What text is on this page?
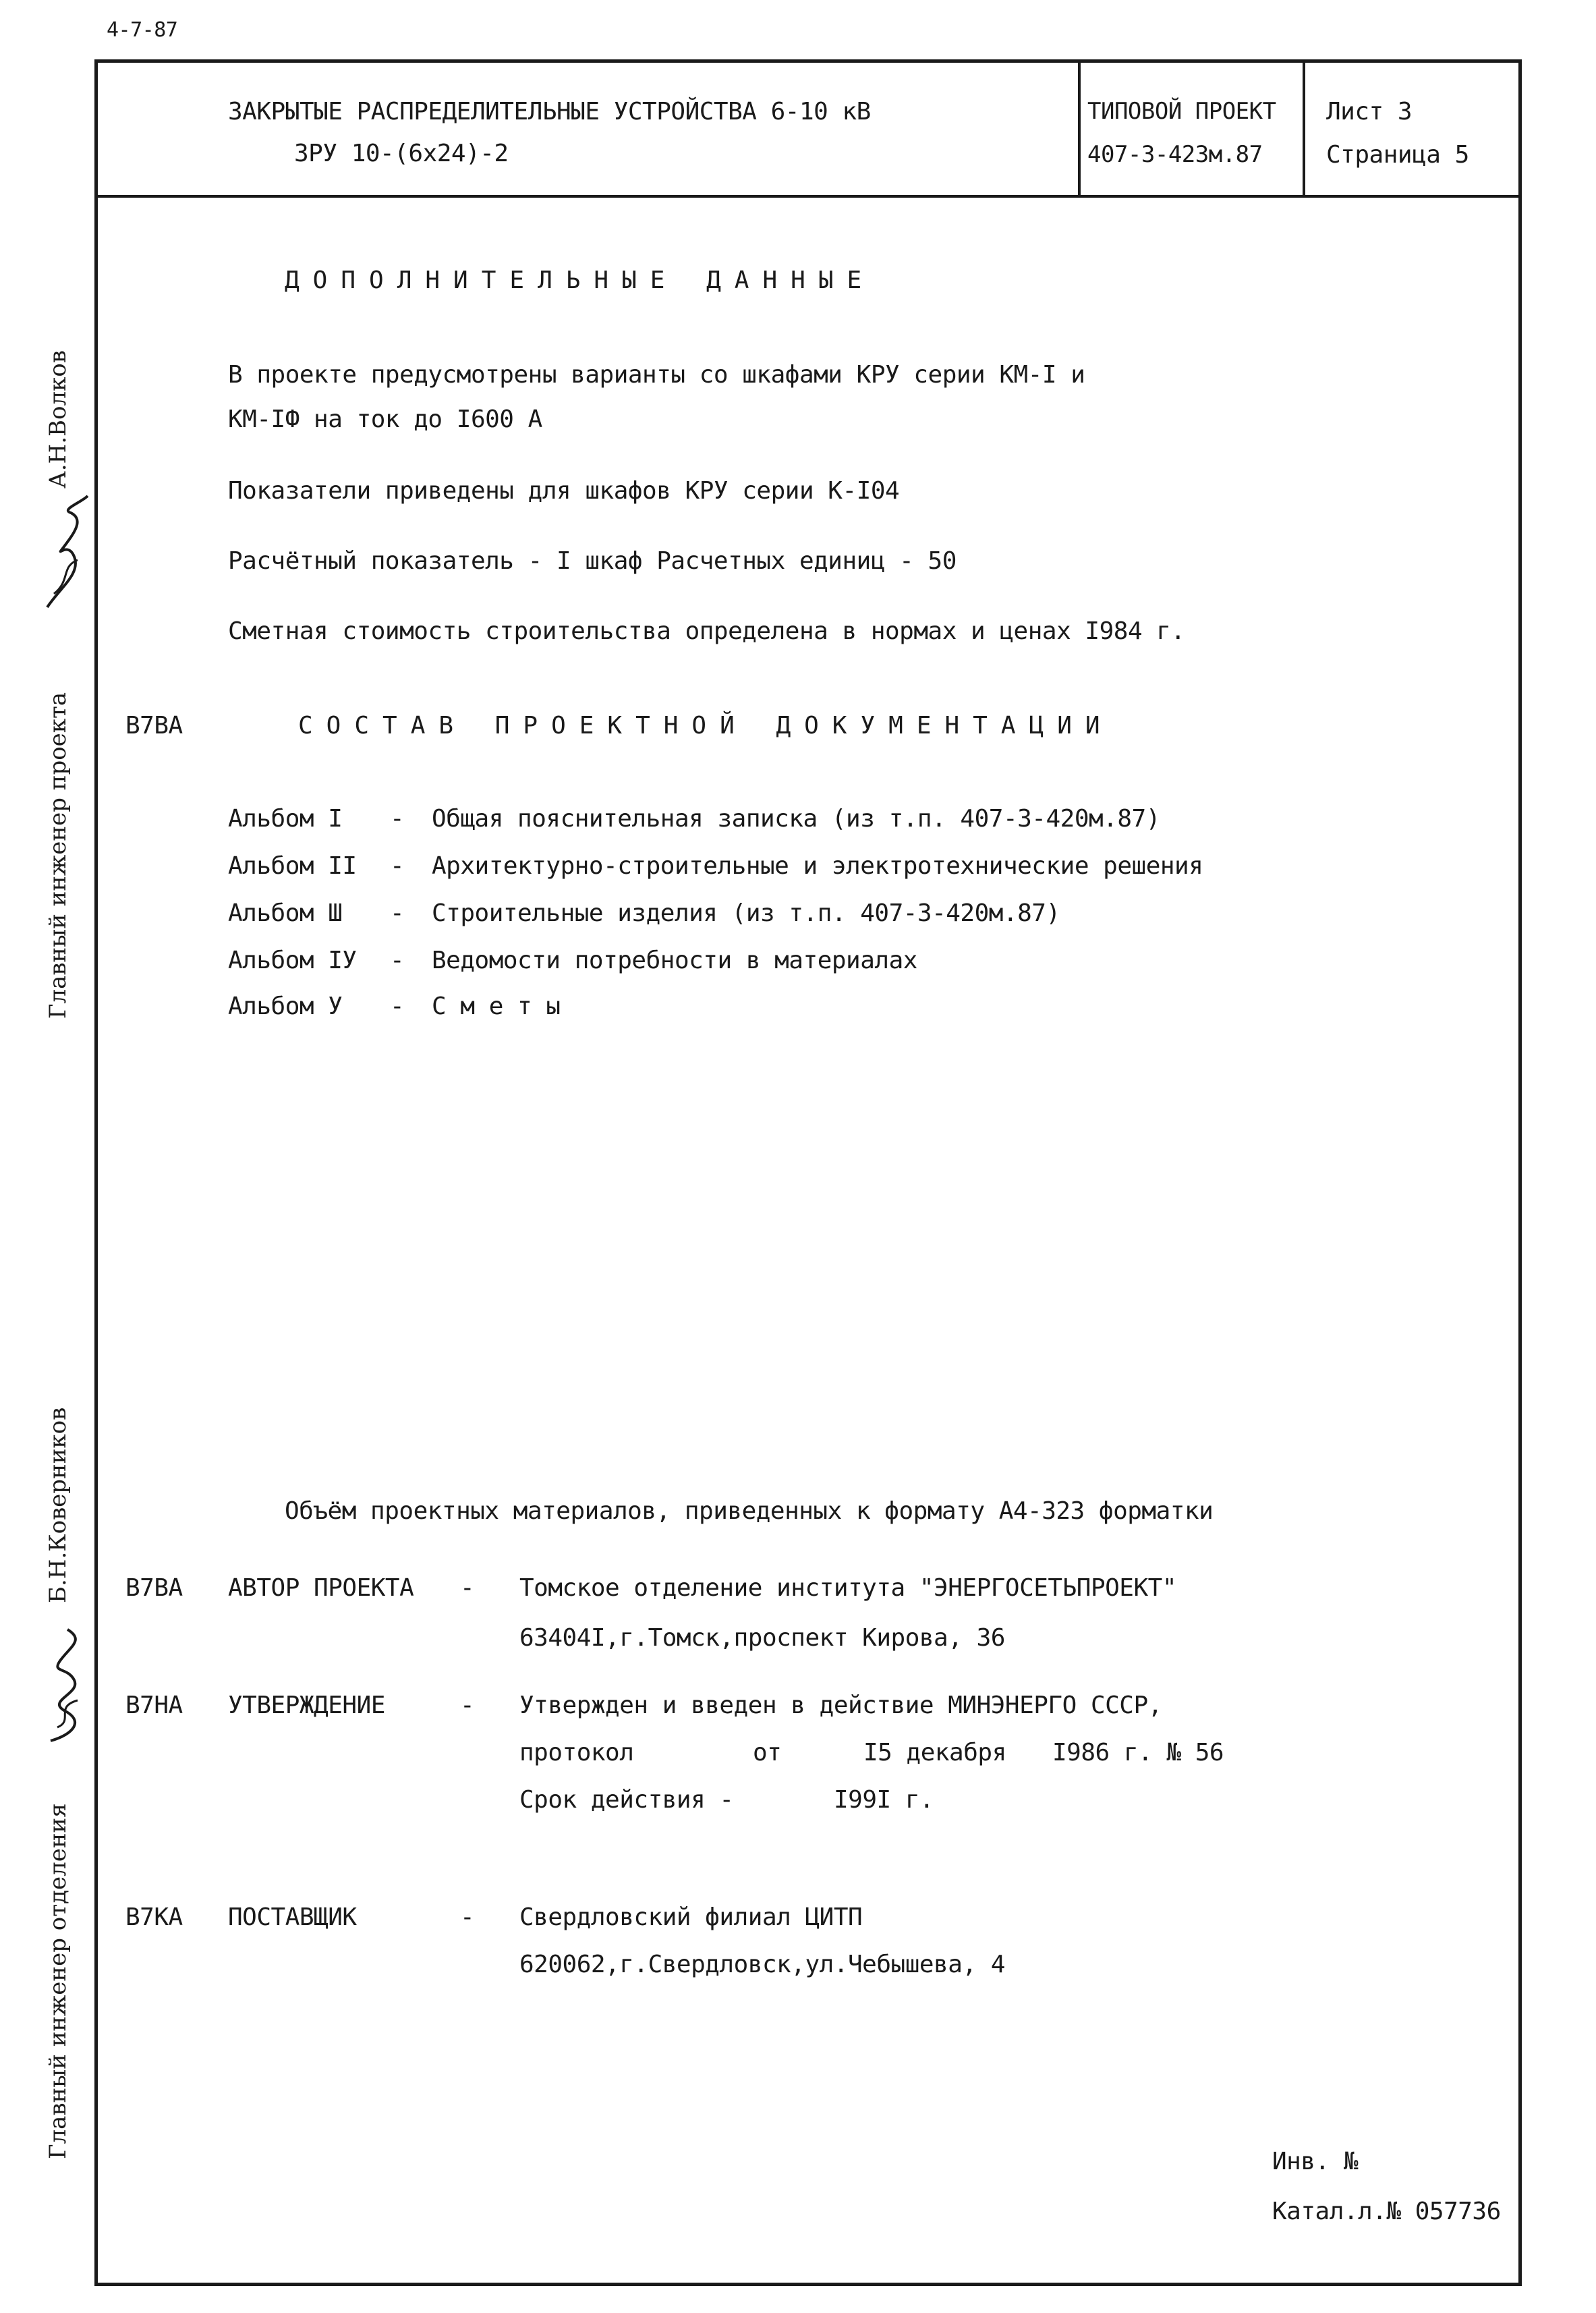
4-7-87
ЗАКРЫТЫЕ РАСПРЕДЕЛИТЕЛЬНЫЕ УСТРОЙСТВА 6-10 кВ
ЗРУ 10-(6х24)-2
ТИПОВОЙ ПРОЕКТ
407-3-423м.87
Лист 3
Страница 5
А.Н.Волков
Главный инженер проекта
Б.Н.Коверников
Главный инженер отделения
ДОПОЛНИТЕЛЬНЫЕ ДАННЫЕ
В проекте предусмотрены варианты со шкафами КРУ серии КМ-I и
КМ-IФ на ток до I600 А
Показатели приведены для шкафов КРУ серии К-I04
Расчётный показатель - I шкаф Расчетных единиц - 50
Сметная стоимость строительства определена в нормах и ценах I984 г.
В7ВА	СОСТАВ ПРОЕКТНОЙ ДОКУМЕНТАЦИИ
Альбом I - Общая пояснительная записка (из т.п. 407-3-420м.87)
Альбом II - Архитектурно-строительные и электротехнические решения
Альбом Ш - Строительные изделия (из т.п. 407-3-420м.87)
Альбом IУ - Ведомости потребности в материалах
Альбом У - С м е т ы
Объём проектных материалов, приведенных к формату А4-323 форматки
В7ВА АВТОР ПРОЕКТА - Томское отделение института "ЭНЕРГОСЕТЬПРОЕКТ"
63404I,г.Томск,проспект Кирова, 36
В7НА УТВЕРЖДЕНИЕ	- Утвержден и введен в действие МИНЭНЕРГО СССР,
протокол	от	I5 декабря I986 г. № 56
Срок действия -	I99I г.
В7КА ПОСТАВЩИК	- Свердловский филиал ЦИТП
620062,г.Свердловск,ул.Чебышева, 4
Инв. №
Катал.л.№ 057736
